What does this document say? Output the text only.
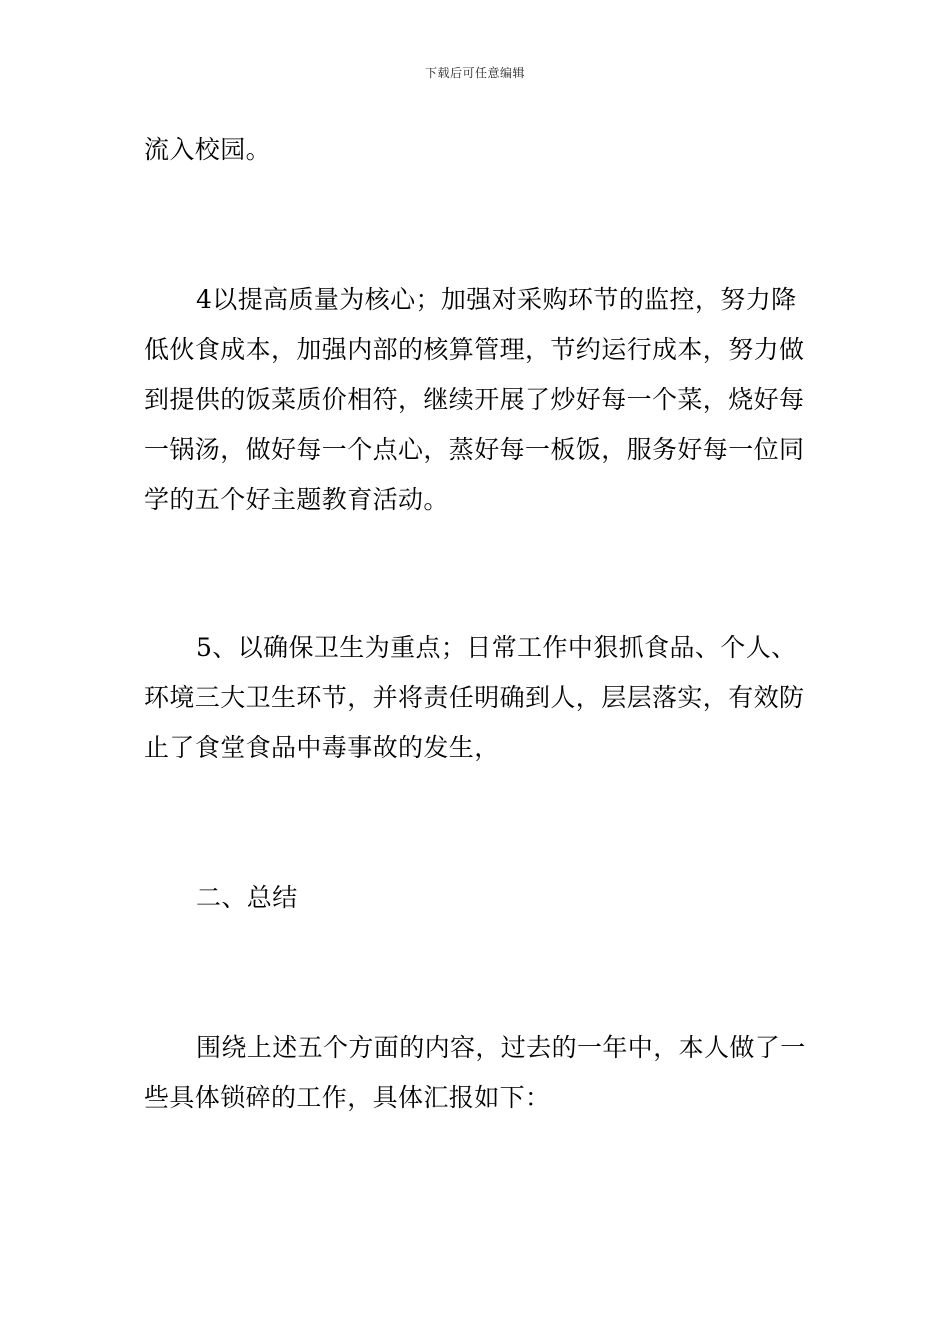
下载后可任意编辑

流入校园。

4以提高质量为核心；加强对采购环节的监控，努力降低伙食成本，加强内部的核算管理，节约运行成本，努力做到提供的饭菜质价相符，继续开展了炒好每一个菜，烧好每一锅汤，做好每一个点心，蒸好每一板饭，服务好每一位同学的五个好主题教育活动。

5、以确保卫生为重点；日常工作中狠抓食品、个人、环境三大卫生环节，并将责任明确到人，层层落实，有效防止了食堂食品中毒事故的发生，

二、总结

围绕上述五个方面的内容，过去的一年中，本人做了一些具体锁碎的工作，具体汇报如下：
